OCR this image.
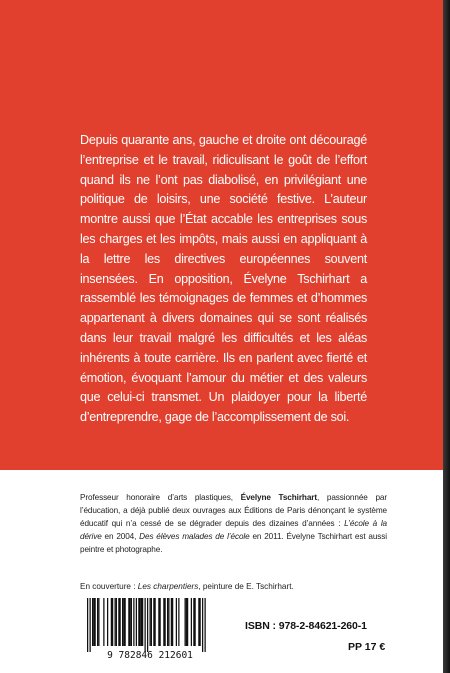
Depuis quarante ans, gauche et droite ont découragé l’entreprise et le travail, ridiculisant le goût de l’effort quand ils ne l’ont pas diabolisé, en privilégiant une politique de loisirs, une société festive. L’auteur montre aussi que l’État accable les entreprises sous les charges et les impôts, mais aussi en appliquant à la lettre les directives européennes souvent insensées. En opposition, Évelyne Tschirhart a rassemblé les témoignages de femmes et d’hommes appartenant à divers domaines qui se sont réalisés dans leur travail malgré les difficultés et les aléas inhérents à toute carrière. Ils en parlent avec fierté et émotion, évoquant l’amour du métier et des valeurs que celui-ci transmet. Un plaidoyer pour la liberté d’entreprendre, gage de l’accomplissement de soi.

Professeur honoraire d’arts plastiques, Évelyne Tschirhart, passionnée par l’éducation, a déjà publié deux ouvrages aux Éditions de Paris dénonçant le système éducatif qui n’a cessé de se dégrader depuis des dizaines d’années : L’école à la dérive en 2004, Des élèves malades de l’école en 2011. Évelyne Tschirhart est aussi peintre et photographe.

En couverture : Les charpentiers, peinture de E. Tschirhart.
9 782846 212601
ISBN : 978-2-84621-260-1
PP 17 €
